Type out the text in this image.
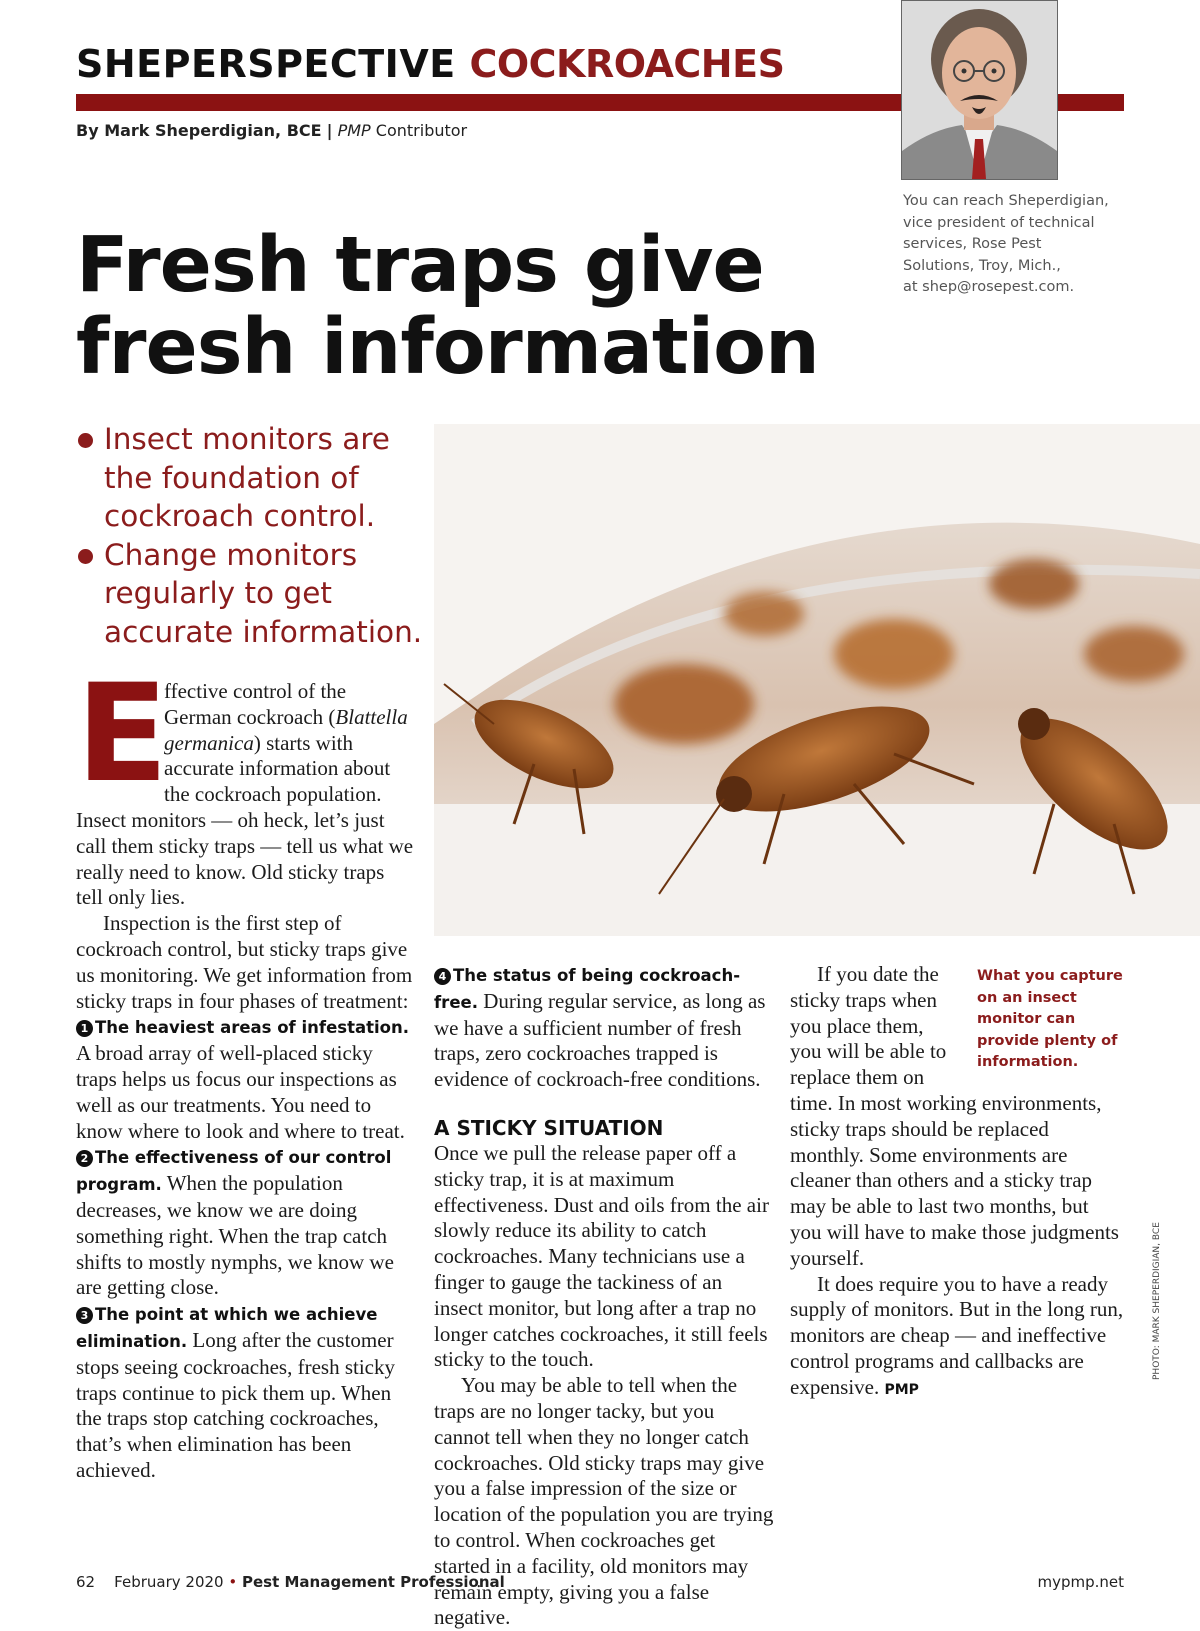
SHEPERSPECTIVE COCKROACHES
By Mark Sheperdigian, BCE | PMP Contributor
You can reach Sheperdigian,
vice president of technical
services, Rose Pest
Solutions, Troy, Mich.,
at shep@rosepest.com.
Fresh traps give
fresh information
Insect monitors are the foundation of cockroach control.
Change monitors regularly to get accurate information.
PHOTO: MARK SHEPERDIGIAN, BCE

E
ffective control of the German cockroach (Blattella germanica) starts with accurate information about the cockroach population. Insect monitors — oh heck, let’s just call them sticky traps — tell us what we really need to know. Old sticky traps tell only lies.

Inspection is the first step of cockroach control, but sticky traps give us monitoring. We get information from sticky traps in four phases of treatment:

1 The heaviest areas of infestation. A broad array of well-placed sticky traps helps us focus our inspections as well as our treatments. You need to know where to look and where to treat.

2 The effectiveness of our control program. When the population decreases, we know we are doing something right. When the trap catch shifts to mostly nymphs, we know we are getting close.

3 The point at which we achieve elimination. Long after the customer stops seeing cockroaches, fresh sticky traps continue to pick them up. When the traps stop catching cockroaches, that’s when elimination has been achieved.

4 The status of being cockroach-free. During regular service, as long as we have a sufficient number of fresh traps, zero cockroaches trapped is evidence of cockroach-free conditions.

A STICKY SITUATION

Once we pull the release paper off a sticky trap, it is at maximum effectiveness. Dust and oils from the air slowly reduce its ability to catch cockroaches. Many technicians use a finger to gauge the tackiness of an insect monitor, but long after a trap no longer catches cockroaches, it still feels sticky to the touch.

You may be able to tell when the traps are no longer tacky, but you cannot tell when they no longer catch cockroaches. Old sticky traps may give you a false impression of the size or location of the population you are trying to control. When cockroaches get started in a facility, old monitors may remain empty, giving you a false negative.

What you capture on an insect monitor can provide plenty of information.

If you date the sticky traps when you place them, you will be able to replace them on time. In most working environments, sticky traps should be replaced monthly. Some environments are cleaner than others and a sticky trap may be able to last two months, but you will have to make those judgments yourself.

It does require you to have a ready supply of monitors. But in the long run, monitors are cheap — and ineffective control programs and callbacks are expensive. PMP

62 February 2020 • Pest Management Professional	mypmp.net
